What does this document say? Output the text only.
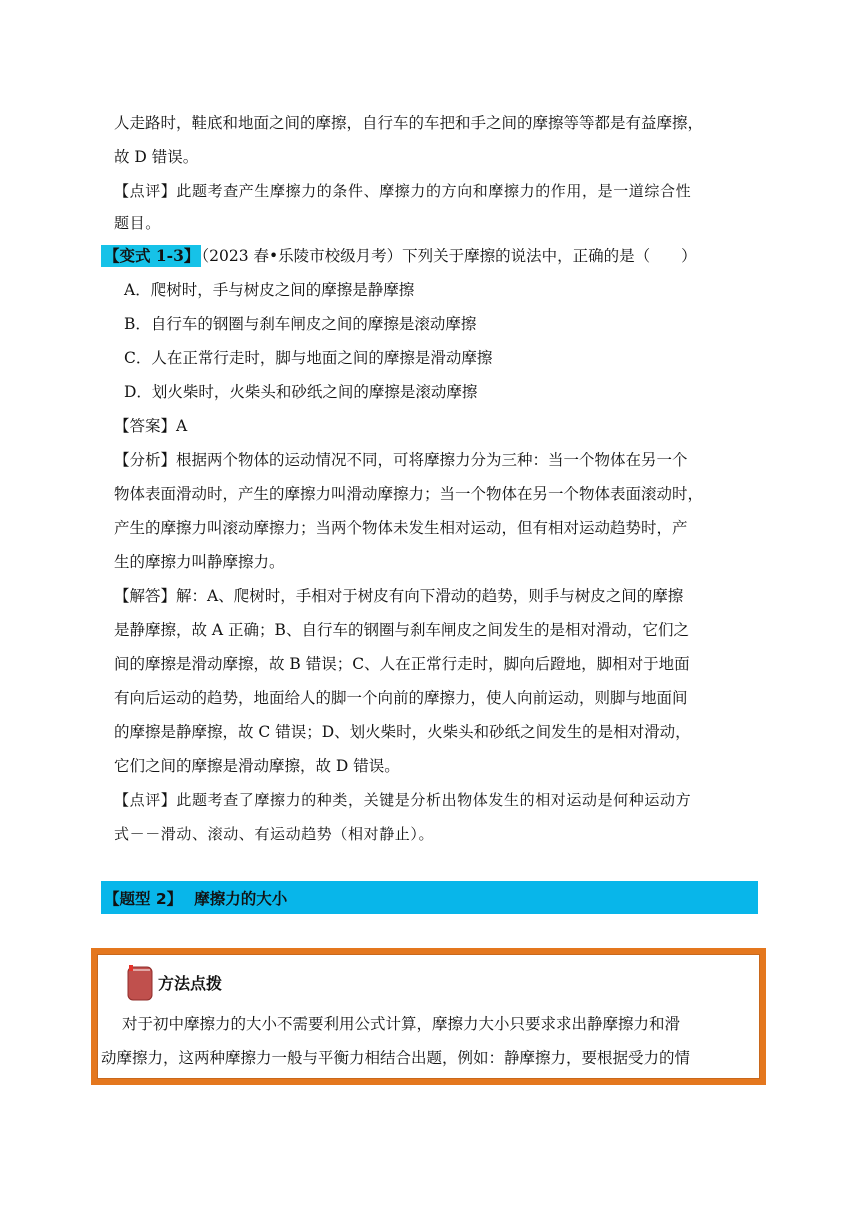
人走路时，鞋底和地面之间的摩擦，自行车的车把和手之间的摩擦等等都是有益摩擦，
故 D 错误。
【点评】此题考查产生摩擦力的条件、摩擦力的方向和摩擦力的作用，是一道综合性
题目。
【变式 1-3】 （2023 春•乐陵市校级月考）下列关于摩擦的说法中，正确的是（　　）
A．爬树时，手与树皮之间的摩擦是静摩擦
B．自行车的钢圈与刹车闸皮之间的摩擦是滚动摩擦
C．人在正常行走时，脚与地面之间的摩擦是滑动摩擦
D．划火柴时，火柴头和砂纸之间的摩擦是滚动摩擦
【答案】A
【分析】根据两个物体的运动情况不同，可将摩擦力分为三种：当一个物体在另一个
物体表面滑动时，产生的摩擦力叫滑动摩擦力；当一个物体在另一个物体表面滚动时，
产生的摩擦力叫滚动摩擦力；当两个物体未发生相对运动，但有相对运动趋势时，产
生的摩擦力叫静摩擦力。
【解答】解：A、爬树时，手相对于树皮有向下滑动的趋势，则手与树皮之间的摩擦
是静摩擦，故 A 正确；B、自行车的钢圈与刹车闸皮之间发生的是相对滑动，它们之
间的摩擦是滑动摩擦，故 B 错误；C、人在正常行走时，脚向后蹬地，脚相对于地面
有向后运动的趋势，地面给人的脚一个向前的摩擦力，使人向前运动，则脚与地面间
的摩擦是静摩擦，故 C 错误；D、划火柴时，火柴头和砂纸之间发生的是相对滑动，
它们之间的摩擦是滑动摩擦，故 D 错误。
【点评】此题考查了摩擦力的种类，关键是分析出物体发生的相对运动是何种运动方
式－－滑动、滚动、有运动趋势（相对静止）。
【题型 2】 摩擦力的大小
方法点拨
对于初中摩擦力的大小不需要利用公式计算，摩擦力大小只要求求出静摩擦力和滑
动摩擦力，这两种摩擦力一般与平衡力相结合出题，例如：静摩擦力，要根据受力的情
